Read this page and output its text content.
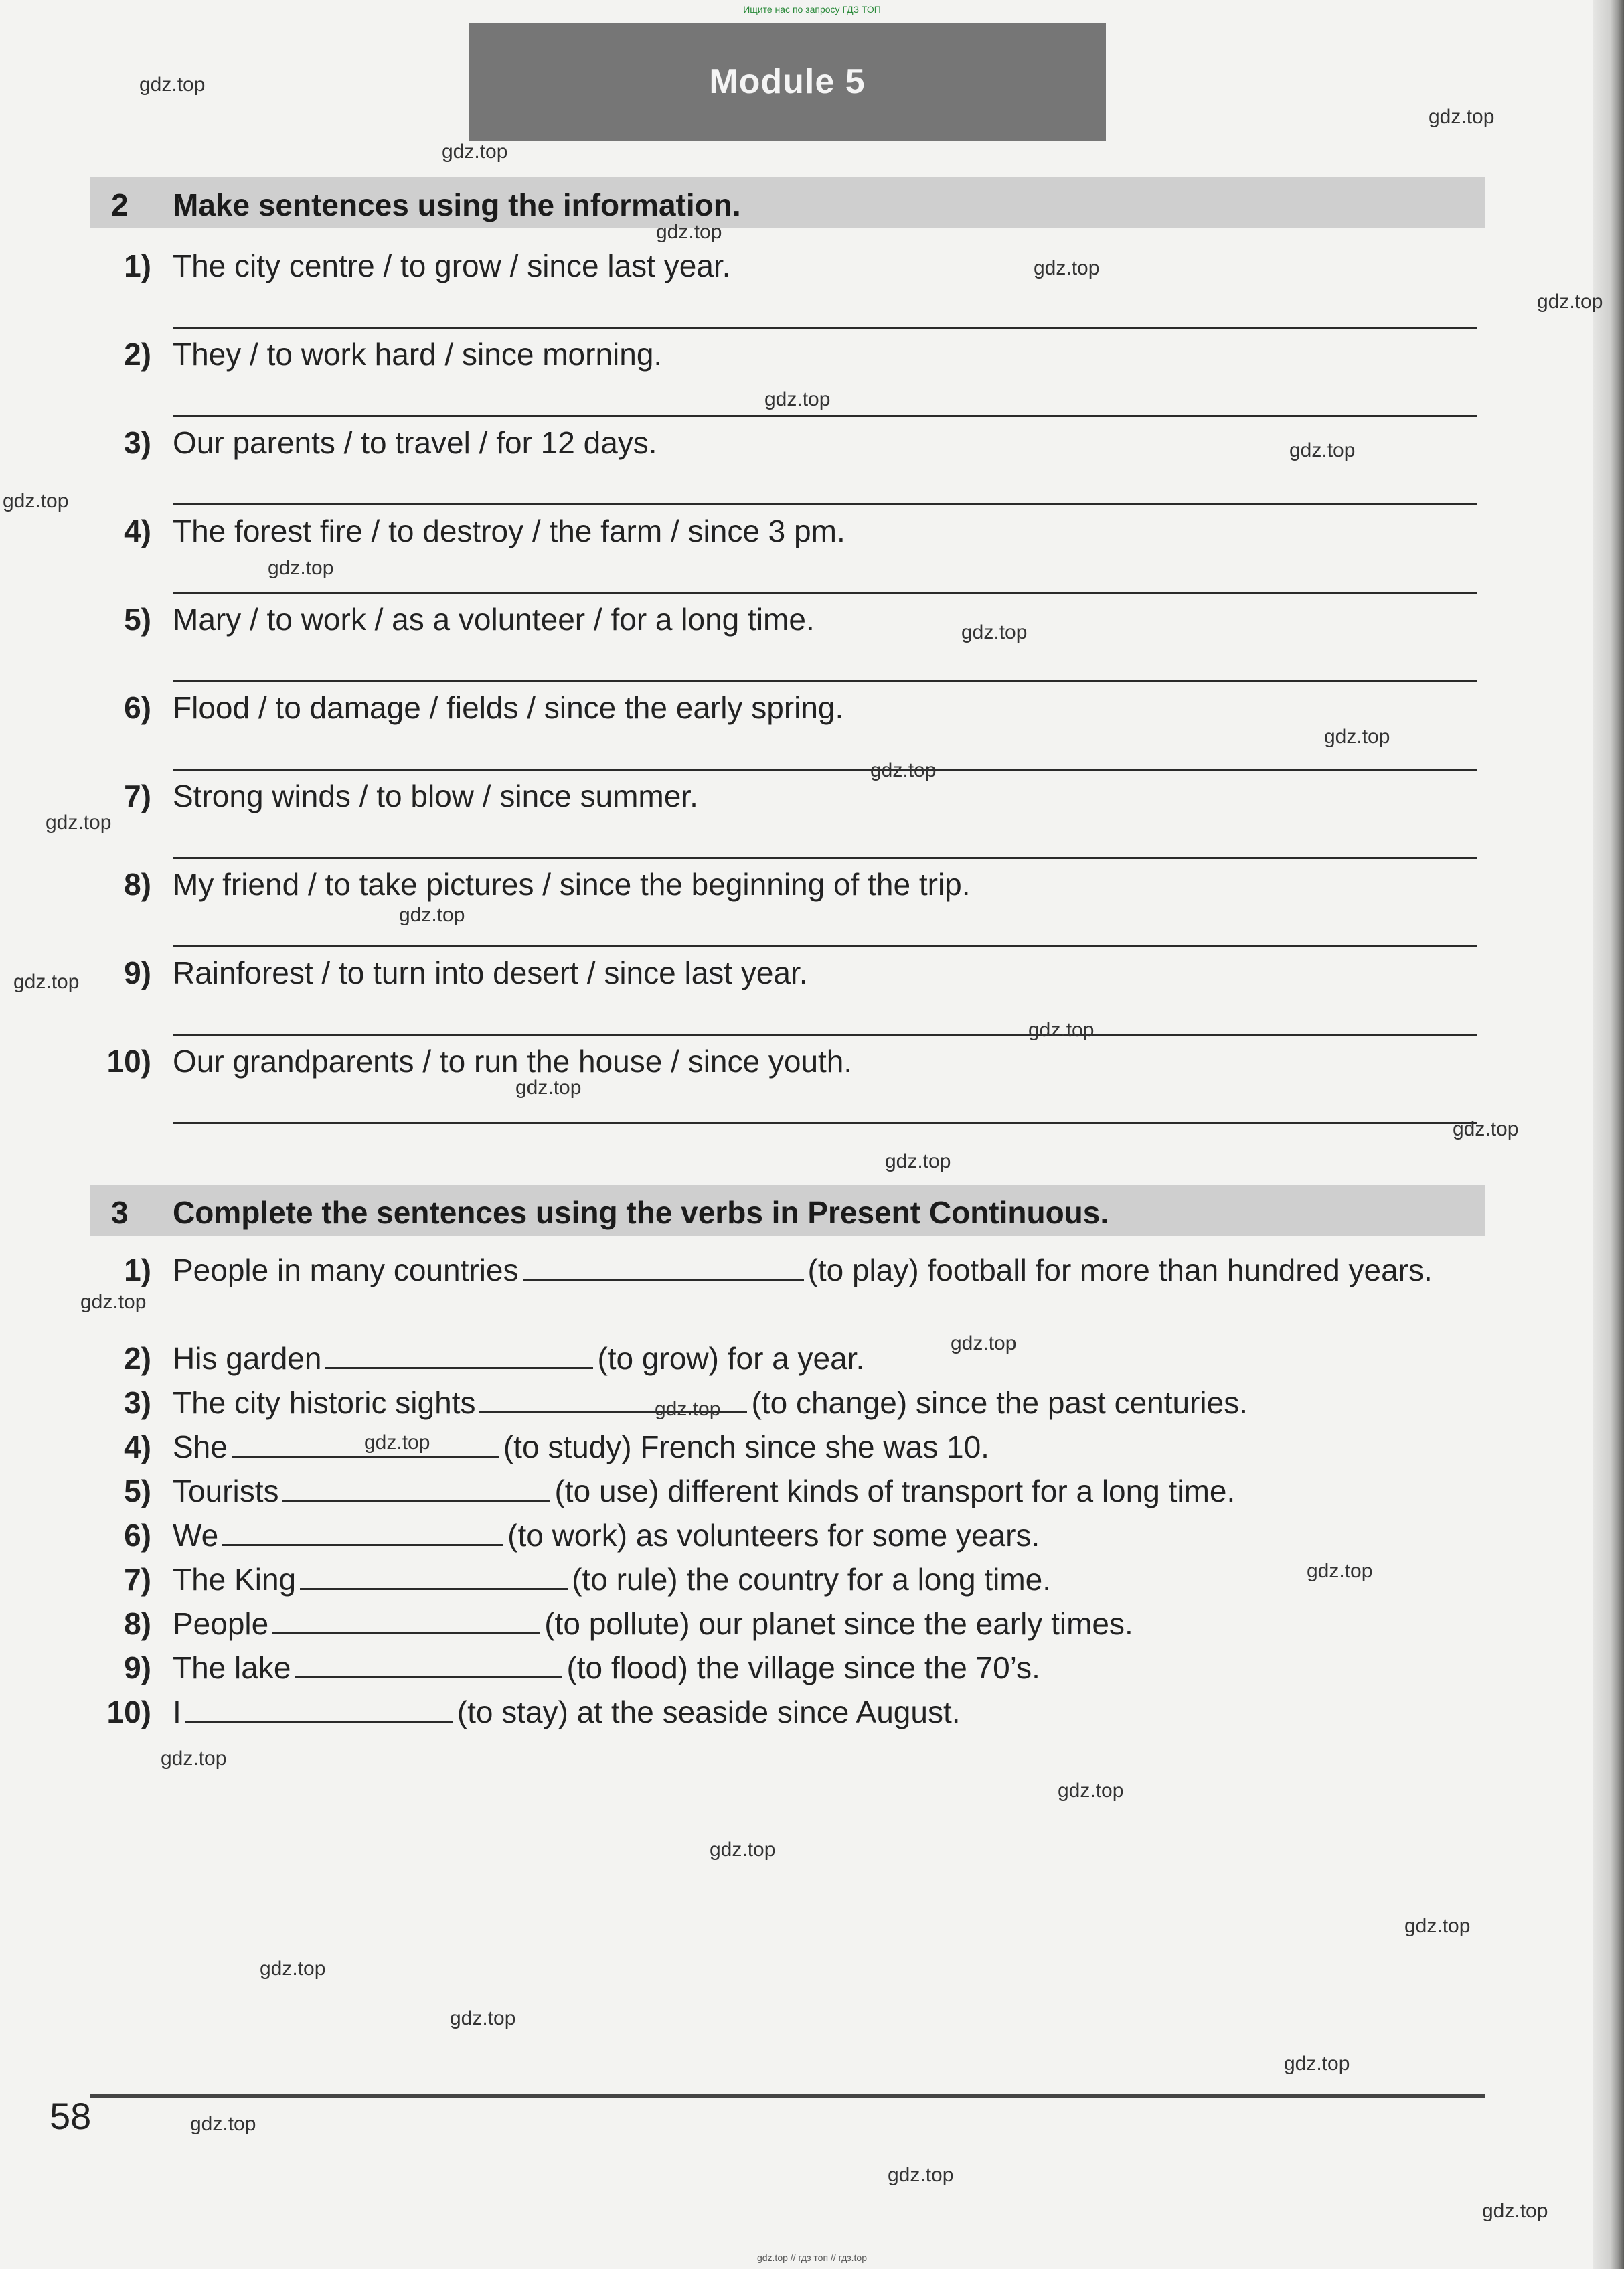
Ищите нас по запросу ГДЗ ТОП
Module 5
2 Make sentences using the information.
1) The city centre / to grow / since last year.
2) They / to work hard / since morning.
3) Our parents / to travel / for 12 days.
4) The forest fire / to destroy / the farm / since 3 pm.
5) Mary / to work / as a volunteer / for a long time.
6) Flood / to damage / fields / since the early spring.
7) Strong winds / to blow / since summer.
8) My friend / to take pictures / since the beginning of the trip.
9) Rainforest / to turn into desert / since last year.
10) Our grandparents / to run the house / since youth.
3 Complete the sentences using the verbs in Present Continuous.
1) People in many countries	(to play) football for more than hundred years.
2) His garden	(to grow) for a year.
3) The city historic sights	(to change) since the past centuries.
4) She	(to study) French since she was 10.
5) Tourists	(to use) different kinds of transport for a long time.
6) We	(to work) as volunteers for some years.
7) The King	(to rule) the country for a long time.
8) People	(to pollute) our planet since the early times.
9) The lake	(to flood) the village since the 70’s.
10) I	(to stay) at the seaside since August.
58
gdz.top
gdz.top
gdz.top
gdz.top
gdz.top
gdz.top
gdz.top
gdz.top
gdz.top
gdz.top
gdz.top
gdz.top
gdz.top
gdz.top
gdz.top
gdz.top
gdz.top
gdz.top
gdz.top
gdz.top
gdz.top
gdz.top
gdz.top
gdz.top
gdz.top
gdz.top
gdz.top
gdz.top
gdz.top
gdz.top
gdz.top
gdz.top
gdz.top
gdz.top
gdz.top
gdz.top // гдз топ // гдз.top
